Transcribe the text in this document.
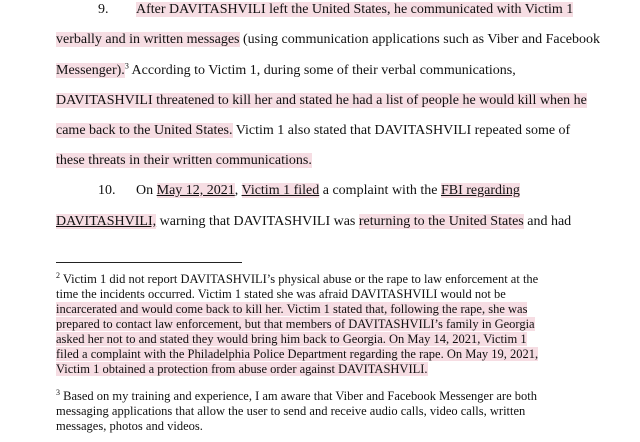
9. After DAVITASHVILI left the United States, he communicated with Victim 1
verbally and in written messages (using communication applications such as Viber and Facebook
Messenger).$^3$ According to Victim 1, during some of their verbal communications,
DAVITASHVILI threatened to kill her and stated he had a list of people he would kill when he
came back to the United States. Victim 1 also stated that DAVITASHVILI repeated some of
these threats in their written communications.
10. On May 12, 2021, Victim 1 filed a complaint with the FBI regarding
DAVITASHVILI, warning that DAVITASHVILI was returning to the United States and had
$^2$ Victim 1 did not report DAVITASHVILI’s physical abuse or the rape to law enforcement at the
time the incidents occurred. Victim 1 stated she was afraid DAVITASHVILI would not be
incarcerated and would come back to kill her. Victim 1 stated that, following the rape, she was
prepared to contact law enforcement, but that members of DAVITASHVILI’s family in Georgia
asked her not to and stated they would bring him back to Georgia. On May 14, 2021, Victim 1
filed a complaint with the Philadelphia Police Department regarding the rape. On May 19, 2021,
Victim 1 obtained a protection from abuse order against DAVITASHVILI.
$^3$ Based on my training and experience, I am aware that Viber and Facebook Messenger are both
messaging applications that allow the user to send and receive audio calls, video calls, written
messages, photos and videos.
